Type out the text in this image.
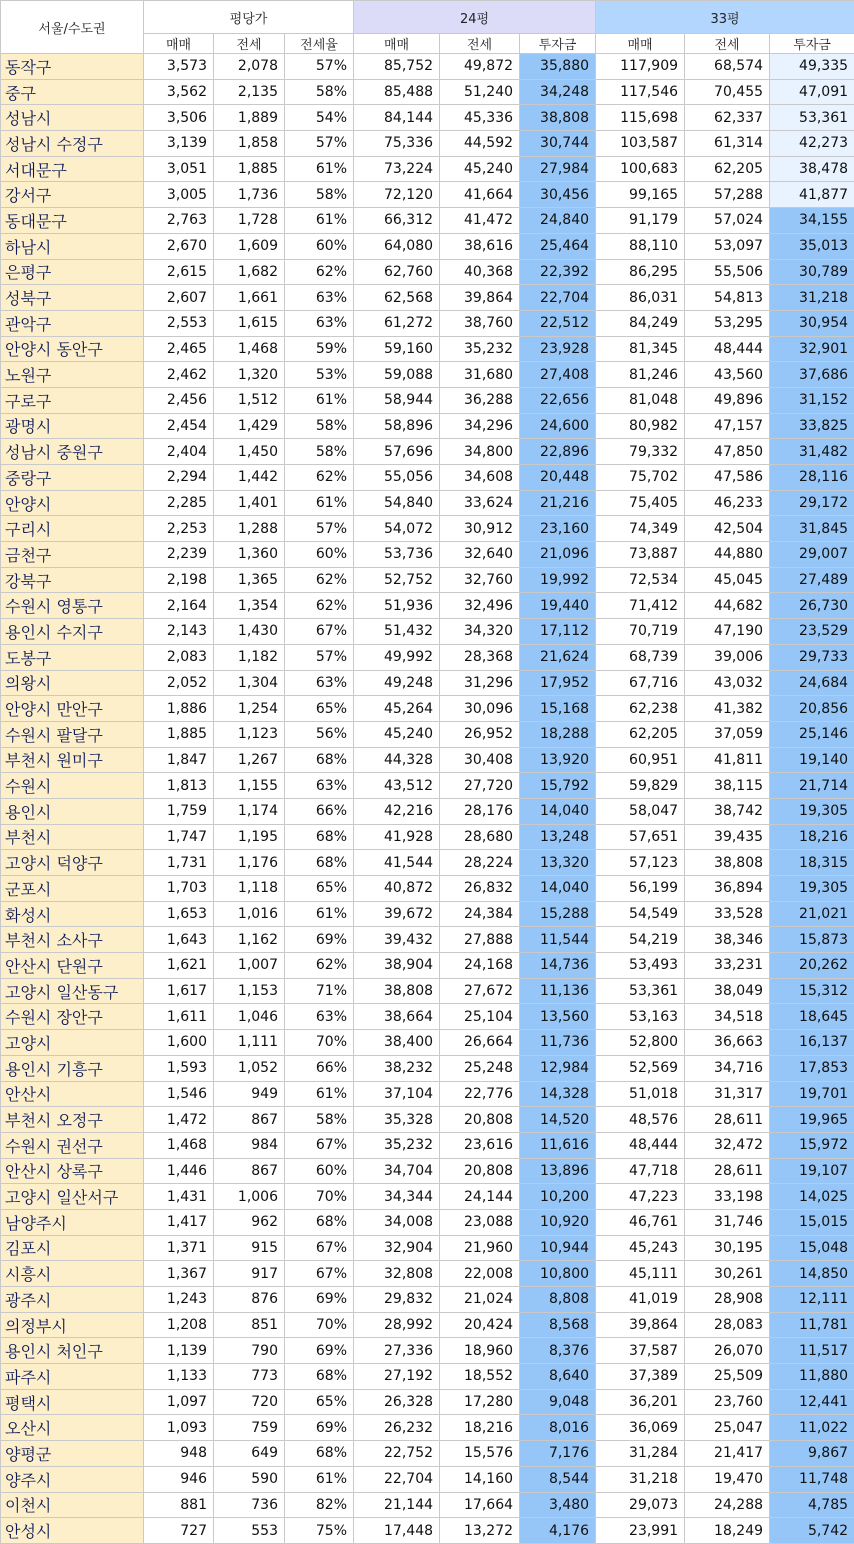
서울/수도권	평당가			24평			33평		
	매매	전세	전세율	매매	전세	투자금	매매	전세	투자금
동작구	3,573	2,078	57%	85,752	49,872	35,880	117,909	68,574	49,335
중구	3,562	2,135	58%	85,488	51,240	34,248	117,546	70,455	47,091
성남시	3,506	1,889	54%	84,144	45,336	38,808	115,698	62,337	53,361
성남시 수정구	3,139	1,858	57%	75,336	44,592	30,744	103,587	61,314	42,273
서대문구	3,051	1,885	61%	73,224	45,240	27,984	100,683	62,205	38,478
강서구	3,005	1,736	58%	72,120	41,664	30,456	99,165	57,288	41,877
동대문구	2,763	1,728	61%	66,312	41,472	24,840	91,179	57,024	34,155
하남시	2,670	1,609	60%	64,080	38,616	25,464	88,110	53,097	35,013
은평구	2,615	1,682	62%	62,760	40,368	22,392	86,295	55,506	30,789
성북구	2,607	1,661	63%	62,568	39,864	22,704	86,031	54,813	31,218
관악구	2,553	1,615	63%	61,272	38,760	22,512	84,249	53,295	30,954
안양시 동안구	2,465	1,468	59%	59,160	35,232	23,928	81,345	48,444	32,901
노원구	2,462	1,320	53%	59,088	31,680	27,408	81,246	43,560	37,686
구로구	2,456	1,512	61%	58,944	36,288	22,656	81,048	49,896	31,152
광명시	2,454	1,429	58%	58,896	34,296	24,600	80,982	47,157	33,825
성남시 중원구	2,404	1,450	58%	57,696	34,800	22,896	79,332	47,850	31,482
중랑구	2,294	1,442	62%	55,056	34,608	20,448	75,702	47,586	28,116
안양시	2,285	1,401	61%	54,840	33,624	21,216	75,405	46,233	29,172
구리시	2,253	1,288	57%	54,072	30,912	23,160	74,349	42,504	31,845
금천구	2,239	1,360	60%	53,736	32,640	21,096	73,887	44,880	29,007
강북구	2,198	1,365	62%	52,752	32,760	19,992	72,534	45,045	27,489
수원시 영통구	2,164	1,354	62%	51,936	32,496	19,440	71,412	44,682	26,730
용인시 수지구	2,143	1,430	67%	51,432	34,320	17,112	70,719	47,190	23,529
도봉구	2,083	1,182	57%	49,992	28,368	21,624	68,739	39,006	29,733
의왕시	2,052	1,304	63%	49,248	31,296	17,952	67,716	43,032	24,684
안양시 만안구	1,886	1,254	65%	45,264	30,096	15,168	62,238	41,382	20,856
수원시 팔달구	1,885	1,123	56%	45,240	26,952	18,288	62,205	37,059	25,146
부천시 원미구	1,847	1,267	68%	44,328	30,408	13,920	60,951	41,811	19,140
수원시	1,813	1,155	63%	43,512	27,720	15,792	59,829	38,115	21,714
용인시	1,759	1,174	66%	42,216	28,176	14,040	58,047	38,742	19,305
부천시	1,747	1,195	68%	41,928	28,680	13,248	57,651	39,435	18,216
고양시 덕양구	1,731	1,176	68%	41,544	28,224	13,320	57,123	38,808	18,315
군포시	1,703	1,118	65%	40,872	26,832	14,040	56,199	36,894	19,305
화성시	1,653	1,016	61%	39,672	24,384	15,288	54,549	33,528	21,021
부천시 소사구	1,643	1,162	69%	39,432	27,888	11,544	54,219	38,346	15,873
안산시 단원구	1,621	1,007	62%	38,904	24,168	14,736	53,493	33,231	20,262
고양시 일산동구	1,617	1,153	71%	38,808	27,672	11,136	53,361	38,049	15,312
수원시 장안구	1,611	1,046	63%	38,664	25,104	13,560	53,163	34,518	18,645
고양시	1,600	1,111	70%	38,400	26,664	11,736	52,800	36,663	16,137
용인시 기흥구	1,593	1,052	66%	38,232	25,248	12,984	52,569	34,716	17,853
안산시	1,546	949	61%	37,104	22,776	14,328	51,018	31,317	19,701
부천시 오정구	1,472	867	58%	35,328	20,808	14,520	48,576	28,611	19,965
수원시 권선구	1,468	984	67%	35,232	23,616	11,616	48,444	32,472	15,972
안산시 상록구	1,446	867	60%	34,704	20,808	13,896	47,718	28,611	19,107
고양시 일산서구	1,431	1,006	70%	34,344	24,144	10,200	47,223	33,198	14,025
남양주시	1,417	962	68%	34,008	23,088	10,920	46,761	31,746	15,015
김포시	1,371	915	67%	32,904	21,960	10,944	45,243	30,195	15,048
시흥시	1,367	917	67%	32,808	22,008	10,800	45,111	30,261	14,850
광주시	1,243	876	69%	29,832	21,024	8,808	41,019	28,908	12,111
의정부시	1,208	851	70%	28,992	20,424	8,568	39,864	28,083	11,781
용인시 처인구	1,139	790	69%	27,336	18,960	8,376	37,587	26,070	11,517
파주시	1,133	773	68%	27,192	18,552	8,640	37,389	25,509	11,880
평택시	1,097	720	65%	26,328	17,280	9,048	36,201	23,760	12,441
오산시	1,093	759	69%	26,232	18,216	8,016	36,069	25,047	11,022
양평군	948	649	68%	22,752	15,576	7,176	31,284	21,417	9,867
양주시	946	590	61%	22,704	14,160	8,544	31,218	19,470	11,748
이천시	881	736	82%	21,144	17,664	3,480	29,073	24,288	4,785
안성시	727	553	75%	17,448	13,272	4,176	23,991	18,249	5,742
